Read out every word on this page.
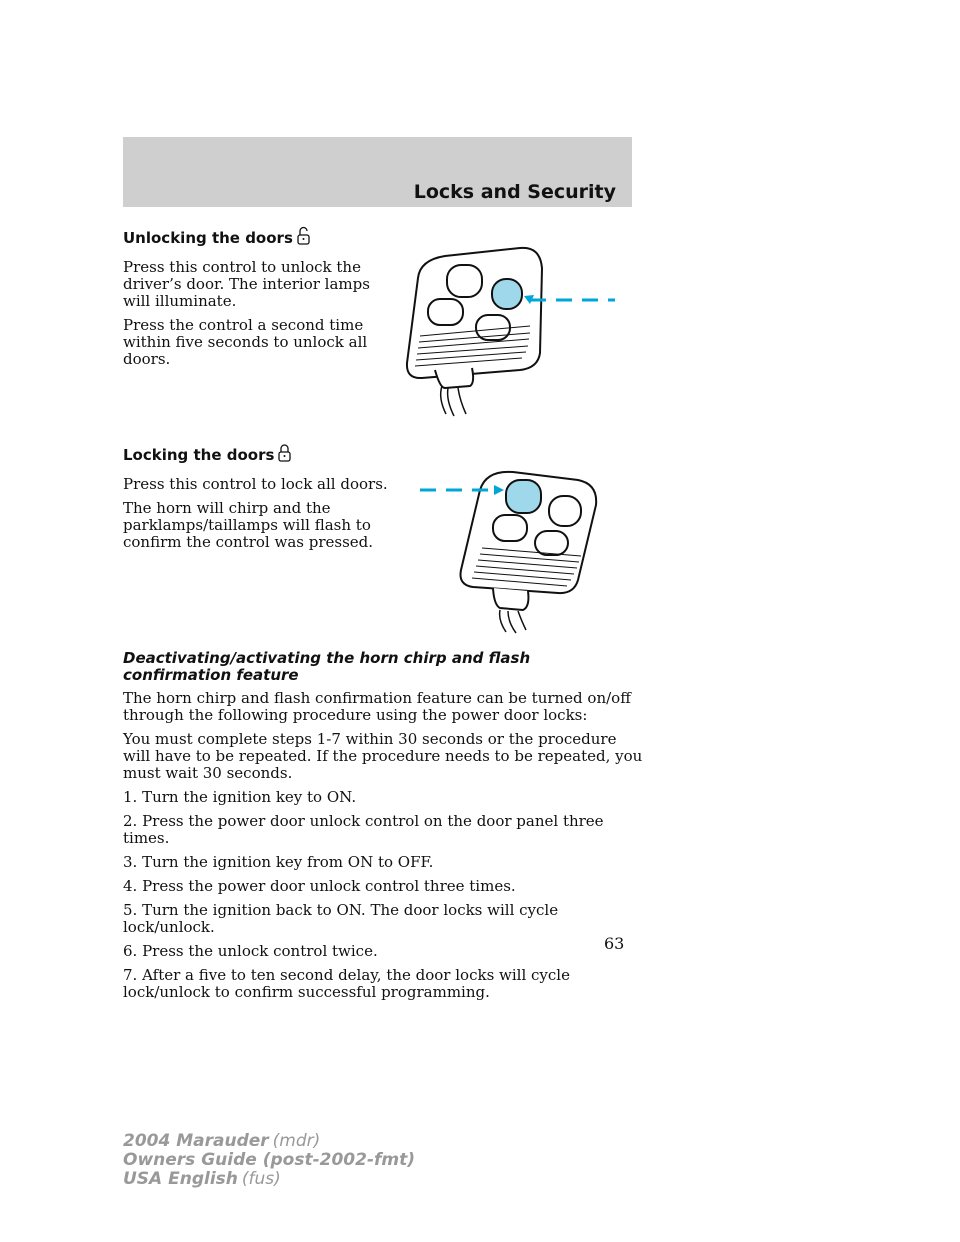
Locks and Security
Unlocking the doors

Press this control to unlock the driver’s door. The interior lamps will illuminate.

Press the control a second time within five seconds to unlock all doors.

Locking the doors

Press this control to lock all doors.

The horn will chirp and the parklamps/taillamps will flash to confirm the control was pressed.

Deactivating/activating the horn chirp and flash confirmation feature

The horn chirp and flash confirmation feature can be turned on/off through the following procedure using the power door locks:

You must complete steps 1-7 within 30 seconds or the procedure will have to be repeated. If the procedure needs to be repeated, you must wait 30 seconds.

1. Turn the ignition key to ON.

2. Press the power door unlock control on the door panel three times.

3. Turn the ignition key from ON to OFF.

4. Press the power door unlock control three times.

5. Turn the ignition back to ON. The door locks will cycle lock/unlock.

6. Press the unlock control twice.

7. After a five to ten second delay, the door locks will cycle lock/unlock to confirm successful programming.

63
2004 Marauder (mdr)
Owners Guide (post-2002-fmt)
USA English (fus)
